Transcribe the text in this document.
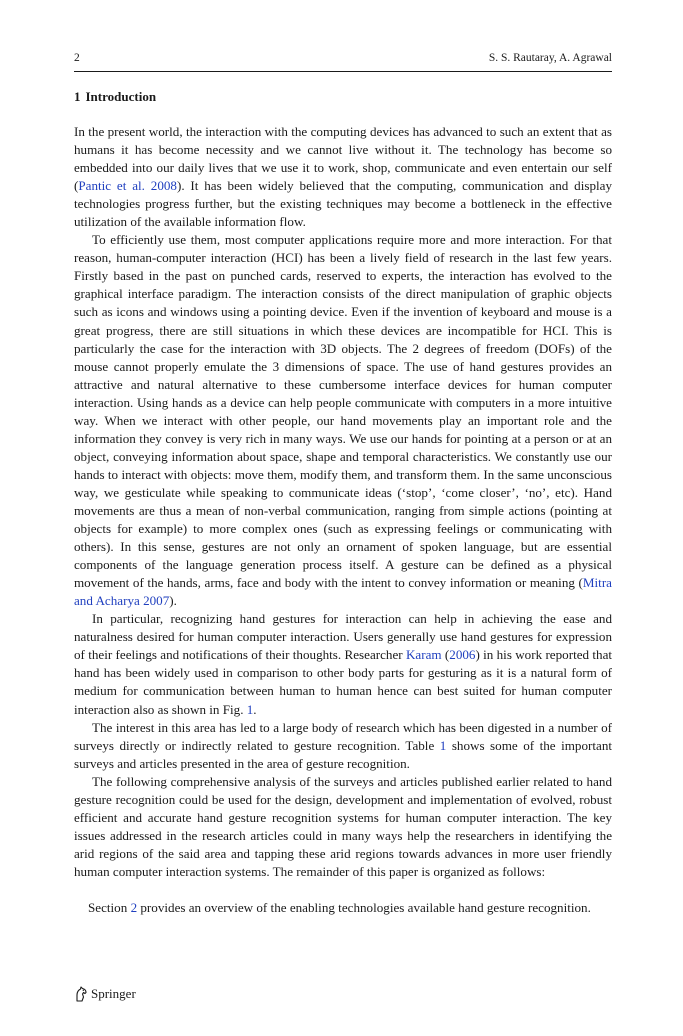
2	S. S. Rautaray, A. Agrawal
1 Introduction

In the present world, the interaction with the computing devices has advanced to such an extent that as humans it has become necessity and we cannot live without it. The technology has become so embedded into our daily lives that we use it to work, shop, communicate and even entertain our self (Pantic et al. 2008). It has been widely believed that the computing, communication and display technologies progress further, but the existing techniques may become a bottleneck in the effective utilization of the available information flow.

To efficiently use them, most computer applications require more and more interaction. For that reason, human-computer interaction (HCI) has been a lively field of research in the last few years. Firstly based in the past on punched cards, reserved to experts, the interaction has evolved to the graphical interface paradigm. The interaction consists of the direct manipulation of graphic objects such as icons and windows using a pointing device. Even if the invention of keyboard and mouse is a great progress, there are still situations in which these devices are incompatible for HCI. This is particularly the case for the interaction with 3D objects. The 2 degrees of freedom (DOFs) of the mouse cannot properly emulate the 3 dimensions of space. The use of hand gestures provides an attractive and natural alternative to these cumbersome interface devices for human computer interaction. Using hands as a device can help people communicate with computers in a more intuitive way. When we interact with other people, our hand movements play an important role and the information they convey is very rich in many ways. We use our hands for pointing at a person or at an object, conveying information about space, shape and temporal characteristics. We constantly use our hands to interact with objects: move them, modify them, and transform them. In the same unconscious way, we gesticulate while speaking to communicate ideas (‘stop’, ‘come closer’, ‘no’, etc). Hand movements are thus a mean of non-verbal communication, ranging from simple actions (pointing at objects for example) to more complex ones (such as expressing feelings or communicating with others). In this sense, gestures are not only an ornament of spoken language, but are essential components of the language generation process itself. A gesture can be defined as a physical movement of the hands, arms, face and body with the intent to convey information or meaning (Mitra and Acharya 2007).

In particular, recognizing hand gestures for interaction can help in achieving the ease and naturalness desired for human computer interaction. Users generally use hand gestures for expression of their feelings and notifications of their thoughts. Researcher Karam (2006) in his work reported that hand has been widely used in comparison to other body parts for gesturing as it is a natural form of medium for communication between human to human hence can best suited for human computer interaction also as shown in Fig. 1.

The interest in this area has led to a large body of research which has been digested in a number of surveys directly or indirectly related to gesture recognition. Table 1 shows some of the important surveys and articles presented in the area of gesture recognition.

The following comprehensive analysis of the surveys and articles published earlier related to hand gesture recognition could be used for the design, development and implementation of evolved, robust efficient and accurate hand gesture recognition systems for human computer interaction. The key issues addressed in the research articles could in many ways help the researchers in identifying the arid regions of the said area and tapping these arid regions towards advances in more user friendly human computer interaction systems. The remainder of this paper is organized as follows:

Section 2 provides an overview of the enabling technologies available hand gesture recognition.

Springer
